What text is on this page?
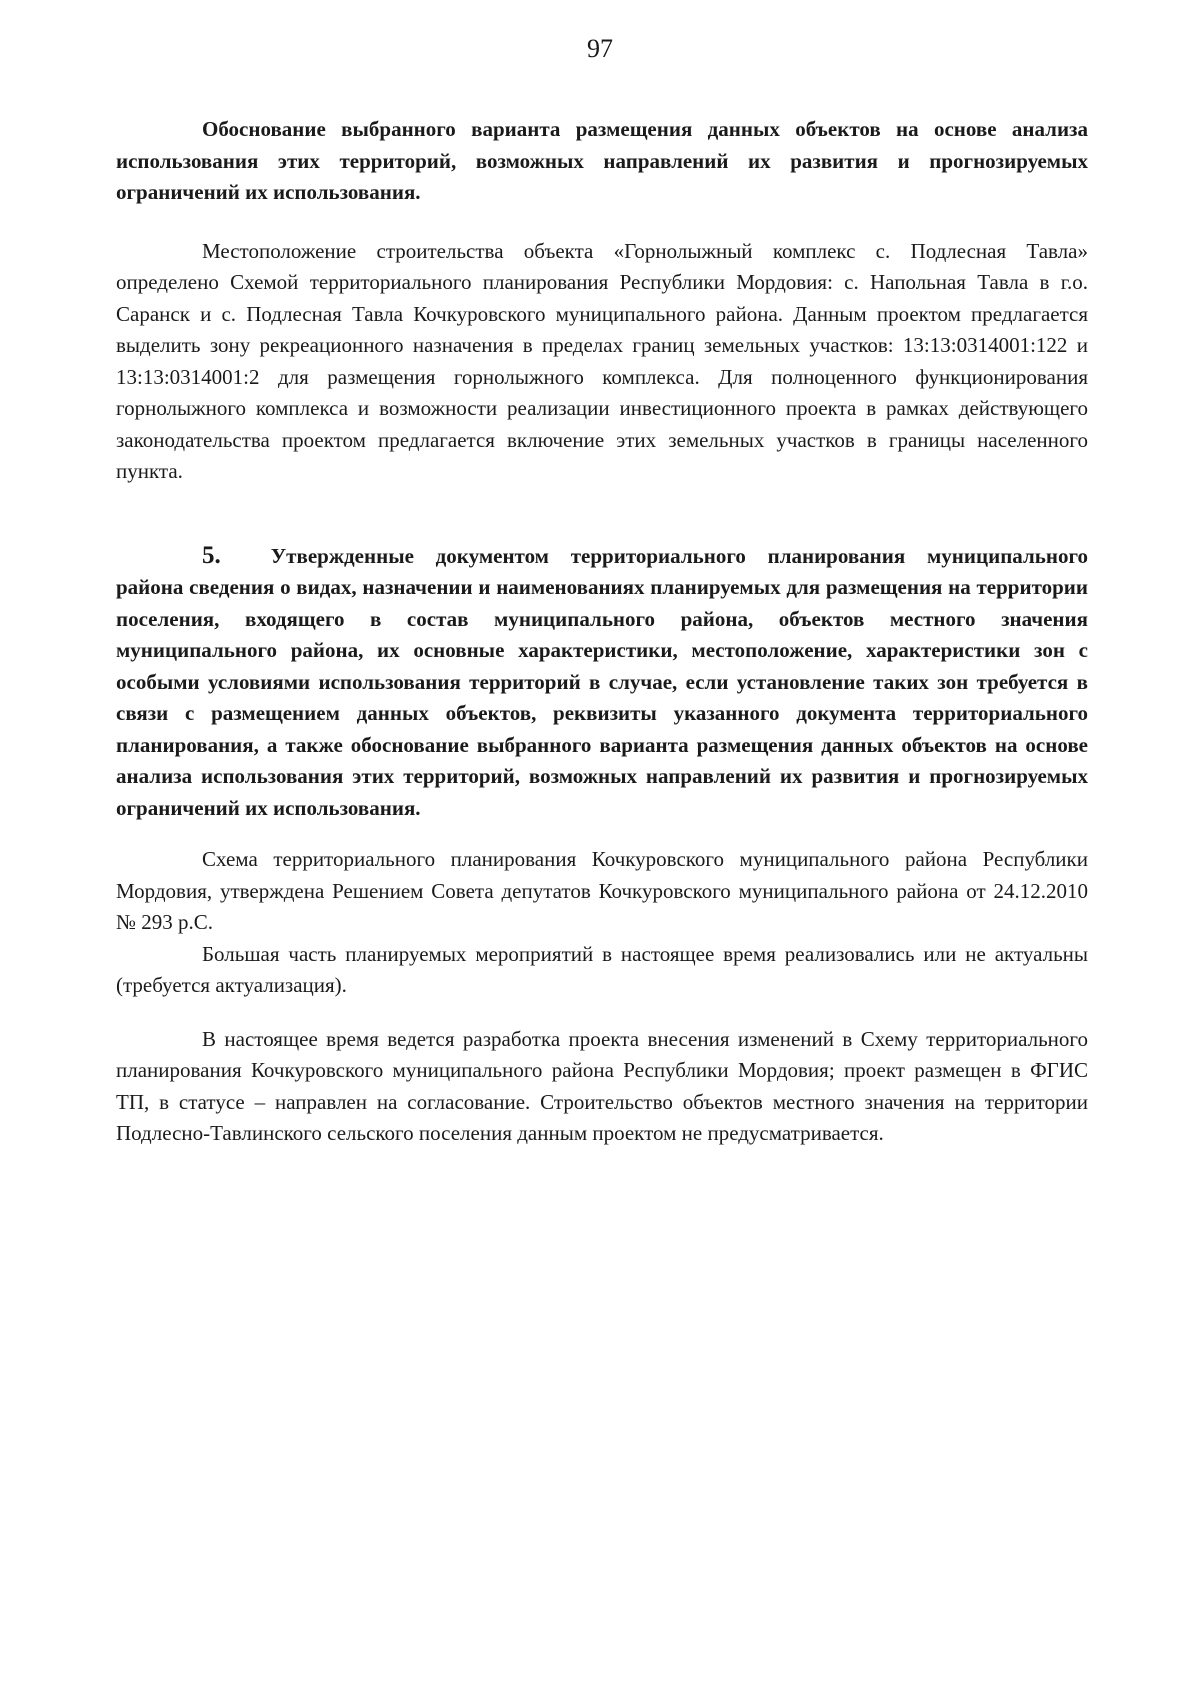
97

Обоснование выбранного варианта размещения данных объектов на основе анализа использования этих территорий, возможных направлений их развития и прогнозируемых ограничений их использования.

Местоположение строительства объекта «Горнолыжный комплекс с. Подлесная Тавла» определено Схемой территориального планирования Республики Мордовия: с. Напольная Тавла в г.о. Саранск и с. Подлесная Тавла Кочкуровского муниципального района. Данным проектом предлагается выделить зону рекреационного назначения в пределах границ земельных участков: 13:13:0314001:122 и 13:13:0314001:2 для размещения горнолыжного комплекса. Для полноценного функционирования горнолыжного комплекса и возможности реализации инвестиционного проекта в рамках действующего законодательства проектом предлагается включение этих земельных участков в границы населенного пункта.

5. Утвержденные документом территориального планирования муниципального района сведения о видах, назначении и наименованиях планируемых для размещения на территории поселения, входящего в состав муниципального района, объектов местного значения муниципального района, их основные характеристики, местоположение, характеристики зон с особыми условиями использования территорий в случае, если установление таких зон требуется в связи с размещением данных объектов, реквизиты указанного документа территориального планирования, а также обоснование выбранного варианта размещения данных объектов на основе анализа использования этих территорий, возможных направлений их развития и прогнозируемых ограничений их использования.

Схема территориального планирования Кочкуровского муниципального района Республики Мордовия, утверждена Решением Совета депутатов Кочкуровского муниципального района от 24.12.2010 № 293 р.С.

Большая часть планируемых мероприятий в настоящее время реализовались или не актуальны (требуется актуализация).

В настоящее время ведется разработка проекта внесения изменений в Схему территориального планирования Кочкуровского муниципального района Республики Мордовия; проект размещен в ФГИС ТП, в статусе – направлен на согласование. Строительство объектов местного значения на территории Подлесно-Тавлинского сельского поселения данным проектом не предусматривается.
